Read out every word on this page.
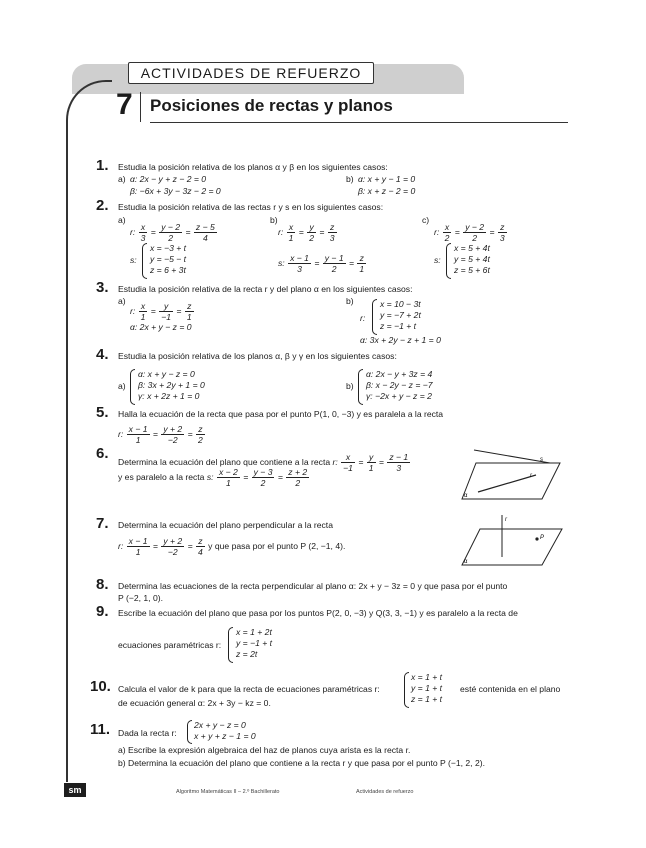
ACTIVIDADES DE REFUERZO
7	Posiciones de rectas y planos
1. Estudia la posición relativa de los planos α y β en los siguientes casos:
a) α: 2x − y + z − 2 = 0
β: −6x + 3y − 3z − 2 = 0
b) α: x + y − 1 = 0
β: x + z − 2 = 0
2. Estudia la posición relativa de las rectas r y s en los siguientes casos:
a)
r: $\frac{x}{3} = \frac{y - 2}{2} = \frac{z - 5}{4}$
s:
x = −3 + t
y = −5 − t
z = 6 + 3t
b)
r: $\frac{x}{1} = \frac{y}{2} = \frac{z}{3}$
s: $\frac{x - 1}{3} = \frac{y - 1}{2} = \frac{z}{1}$
c)
r: $\frac{x}{2} = \frac{y - 2}{2} = \frac{z}{3}$
s:
x = 5 + 4t
y = 5 + 4t
z = 5 + 6t
3. Estudia la posición relativa de la recta r y del plano α en los siguientes casos:
a)
r: $\frac{x}{1} = \frac{y}{-1} = \frac{z}{1}$
α: 2x + y − z = 0
b)
r:
x = 10 − 3t
y = −7 + 2t
z = −1 + t
α: 3x + 2y − z + 1 = 0
4. Estudia la posición relativa de los planos α, β y γ en los siguientes casos:
a)
α: x + y − z = 0
β: 3x + 2y + 1 = 0
γ: x + 2z + 1 = 0
b)
α: 2x − y + 3z = 4
β: x − 2y − z = −7
γ: −2x + y − z = 2
5. Halla la ecuación de la recta que pasa por el punto P(1, 0, −3) y es paralela a la recta
r: $\frac{x - 1}{1} = \frac{y + 2}{-2} = \frac{z}{2}$
6. Determina la ecuación del plano que contiene a la recta r: $\frac{x}{-1} = \frac{y}{1} = \frac{z - 1}{3}$
y es paralelo a la recta s: $\frac{x - 2}{1} = \frac{y - 3}{2} = \frac{z + 2}{2}$
s
r
α
7. Determina la ecuación del plano perpendicular a la recta
r: $\frac{x - 1}{1} = \frac{y + 2}{-2} = \frac{z}{4}$ y que pasa por el punto P (2, −1, 4).
r
P
α
8. Determina las ecuaciones de la recta perpendicular al plano α: 2x + y − 3z = 0 y que pasa por el punto
P (−2, 1, 0).
9. Escribe la ecuación del plano que pasa por los puntos P(2, 0, −3) y Q(3, 3, −1) y es paralelo a la recta de
ecuaciones paramétricas r:
x = 1 + 2t
y = −1 + t
z = 2t
10. Calcula el valor de k para que la recta de ecuaciones paramétricas r:
x = 1 + t
y = 1 + t
z = 1 + t
esté contenida en el plano
de ecuación general α: 2x + 3y − kz = 0.
11. Dada la recta r:
2x + y − z = 0
x + y + z − 1 = 0
a) Escribe la expresión algebraica del haz de planos cuya arista es la recta r.
b) Determina la ecuación del plano que contiene a la recta r y que pasa por el punto P (−1, 2, 2).
sm	Algoritmo Matemáticas II – 2.º Bachillerato	Actividades de refuerzo
